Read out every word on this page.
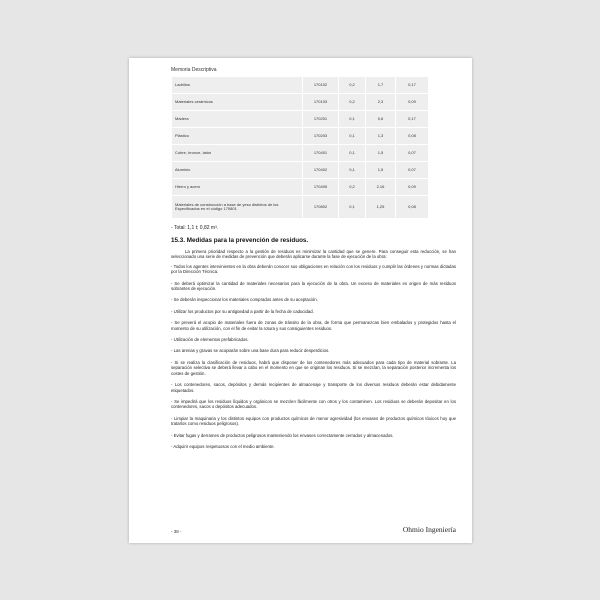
Memoria Descriptiva
Ladrillos	170102	0,2	1,7	0,17
Materiales cerámicos	170103	0,2	2,3	0,09
Madera	170201	0,1	0,6	0,17
Plástico	170203	0,1	1,3	0,08
Cobre, bronce, latón	170401	0,1	1,5	0,07
Aluminio	170402	0,1	1,5	0,07
Hierro y acero	170405	0,2	2,16	0,09
Materiales de construcción a base de yeso distintos de los Especificados en el código 170801	170802	0,1	1,25	0,08
- Total: 1,1 t; 0,82 m³.
15.3. Medidas para la prevención de residuos.

La primera prioridad respecto a la gestión de residuos es minimizar la cantidad que se genere. Para conseguir esta reducción, se han seleccionado una serie de medidas de prevención que deberán aplicarse durante la fase de ejecución de la obra:

- Todos los agentes intervinientes en la obra deberán conocer sus obligaciones en relación con los residuos y cumplir las órdenes y normas dictadas por la Dirección Técnica.

- Se deberá optimizar la cantidad de materiales necesarios para la ejecución de la obra. Un exceso de materiales es origen de más residuos sobrantes de ejecución.

- Se deberán inspeccionar los materiales comprados antes de su aceptación.

- Utilizar los productos por su antigüedad a partir de la fecha de caducidad.

- Se preverá el acopio de materiales fuera de zonas de tránsito de la obra, de forma que permanezcan bien embalados y protegidos hasta el momento de su utilización, con el fin de evitar la rotura y sus consiguientes residuos.

- Utilización de elementos prefabricados.

- Las arenas y gravas se acopiarán sobre una base dura para reducir desperdicios.

- Si se realiza la clasificación de residuos, habrá que disponer de los contenedores más adecuados para cada tipo de material sobrante. La separación selectiva se deberá llevar a cabo en el momento en que se originan los residuos. Si se mezclan, la separación posterior incrementa los costes de gestión.

- Los contenedores, sacos, depósitos y demás recipientes de almacenaje y transporte de los diversos residuos deberán estar debidamente etiquetados.

- Se impedirá que los residuos líquidos y orgánicos se mezclen fácilmente con otros y los contaminen. Los residuos se deberán depositar en los contenedores, sacos o depósitos adecuados.

- Limpiar la maquinaria y los distintos equipos con productos químicos de menor agresividad (los envases de productos químicos tóxicos hoy que tratarlos como residuos peligrosos).

- Evitar fugas y derrames de productos peligrosos manteniendo los envases correctamente cerrados y almacenados.

- Adquirir equipos respetuosos con el medio ambiente.

- 38 -	Ohmio Ingeniería
